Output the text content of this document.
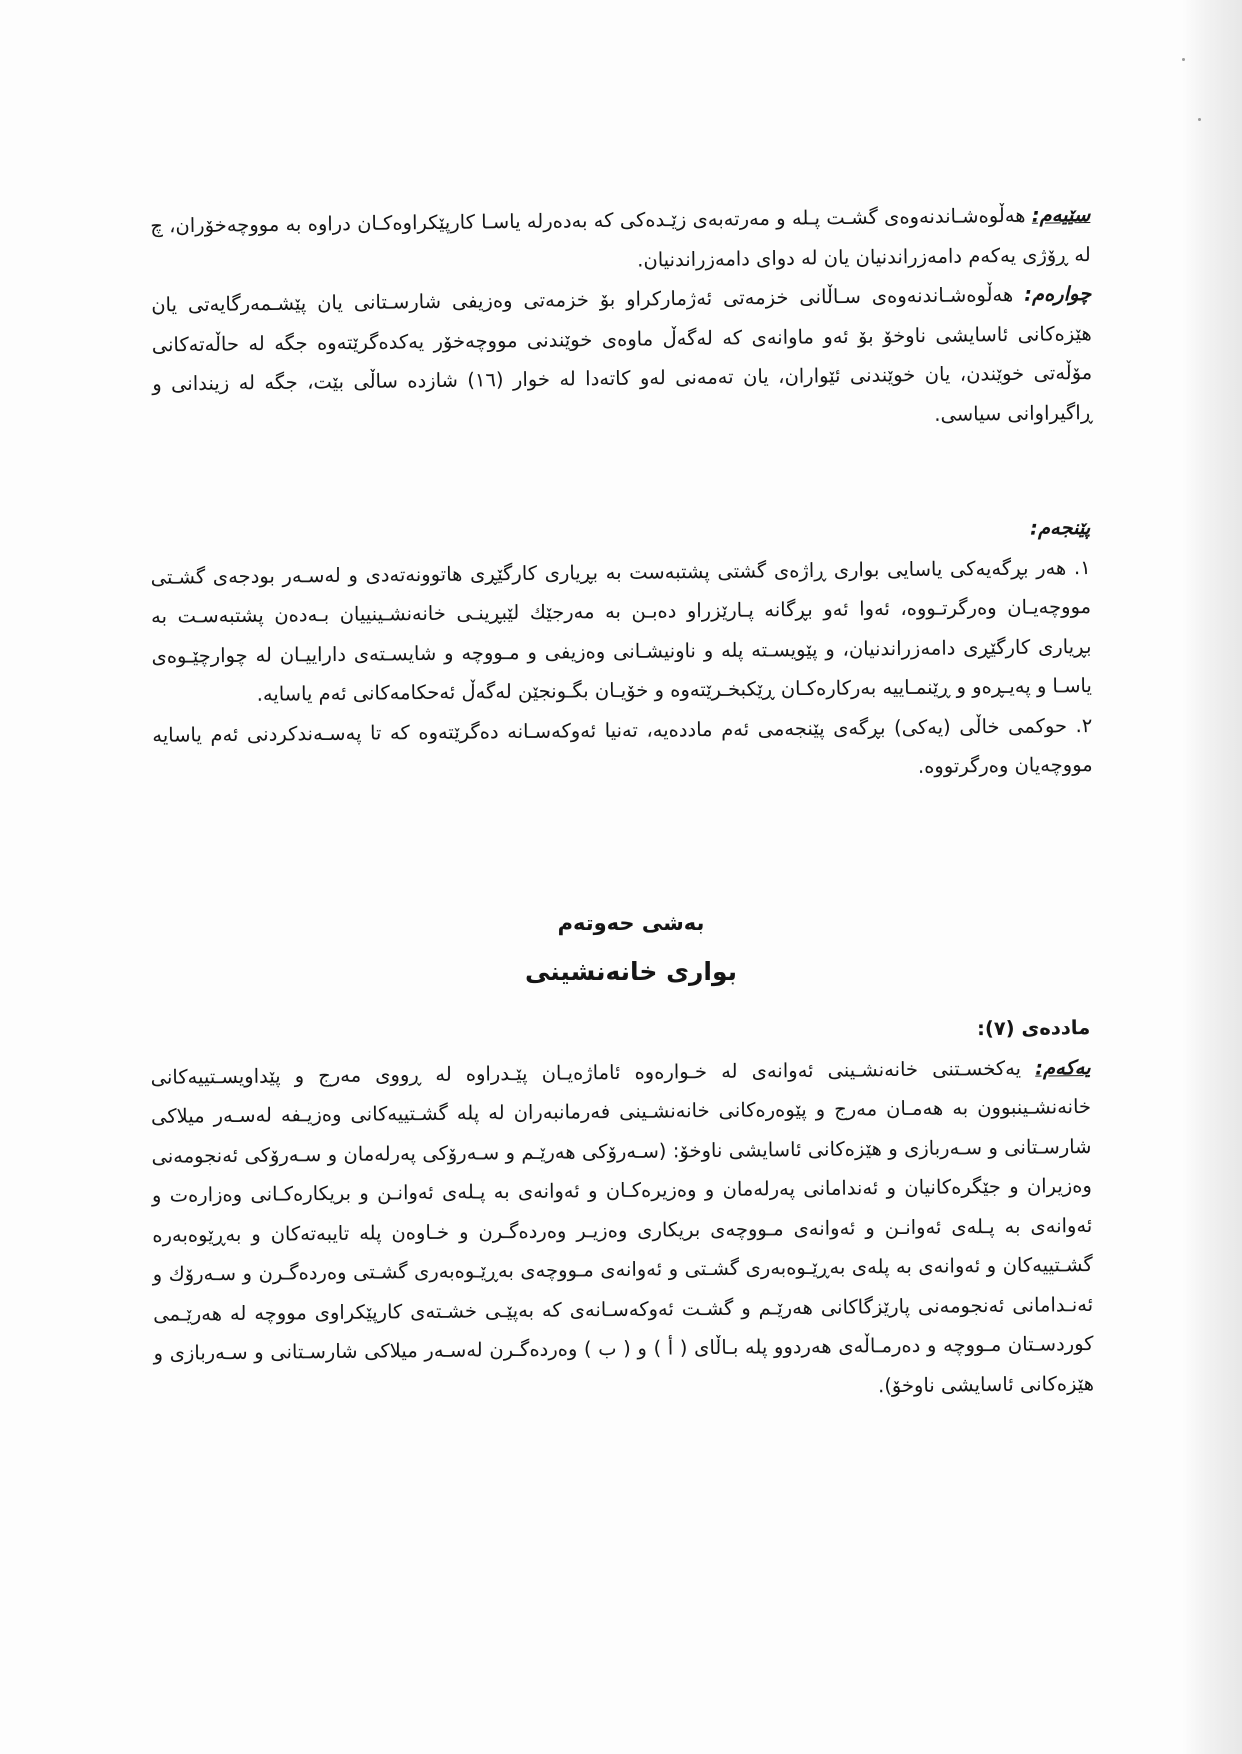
سێیەم: هەڵوەشـاندنەوەی گشـت پـلە و مەرتەبەی زێـدەکی کە بەدەرلە یاسـا کارپێکراوەکـان دراوە بە مووچەخۆران، چ لە ڕۆژی یەکەم دامەزراندنیان یان لە دوای دامەزراندنیان.

چوارەم: هەڵوەشـاندنەوەی سـاڵانی خزمەتی ئەژمارکراو بۆ خزمەتی وەزیفی شارسـتانی یان پێشـمەرگایەتی یان هێزەکانی ئاسایشی ناوخۆ بۆ ئەو ماوانەی کە لەگەڵ ماوەی خوێندنی مووچەخۆر یەکدەگرێتەوە جگە لە حاڵەتەکانی مۆڵەتی خوێندن، یان خوێندنی ئێواران، یان تەمەنی لەو کاتەدا لە خوار (١٦) شازدە ساڵی بێت، جگە لە زیندانی و ڕاگیراوانی سیاسی.

پێنجەم:

١. هەر بڕگەیەکی یاسایی بواری ڕاژەی گشتی پشتبەست بە بڕیاری کارگێڕی هاتوونەتەدی و لەسـەر بودجەی گشـتی مووچەیـان وەرگرتـووە، ئەوا ئەو بڕگانە پـارێزراو دەبـن بە مەرجێك لێبڕینـی خانەنشـینییان بـەدەن پشتبەسـت بە بڕیاری کارگێڕی دامەزراندنیان، و پێویسـتە پلە و ناونیشـانی وەزیفی و مـووچە و شایسـتەی داراییـان لە چوارچێـوەی یاسـا و پەیـڕەو و ڕێنمـاییە بەرکارەکـان ڕێکبخـرێتەوە و خۆیـان بگـونجێن لەگەڵ ئەحکامەکانی ئەم یاسایە.

٢. حوکمی خاڵی (یەکی) بڕگەی پێنجەمی ئەم ماددەیە، تەنیا ئەوکەسـانە دەگرێتەوە کە تا پەسـەندکردنی ئەم یاسایە مووچەیان وەرگرتووە.

بەشی حەوتەم
بواری خانەنشینی

ماددەی (٧):

یەکەم: یەکخسـتنی خانەنشـینی ئەوانەی لە خـوارەوە ئاماژەیـان پێـدراوە لە ڕووی مەرج و پێداویسـتییەکانی خانەنشـینبوون بە هەمـان مەرج و پێوەرەکانی خانەنشـینی فەرمانبەران لە پلە گشـتییەکانی وەزیـفە لەسـەر میلاکی شارسـتانی و سـەربازی و هێزەکانی ئاسایشی ناوخۆ: (سـەرۆکی هەرێـم و سـەرۆکی پەرلەمان و سـەرۆکی ئەنجومەنی وەزیران و جێگرەکانیان و ئەندامانی پەرلەمان و وەزیرەکـان و ئەوانەی بە پـلەی ئەوانـن و بریکارەکـانی وەزارەت و ئەوانەی بە پـلەی ئەوانـن و ئەوانەی مـووچەی بریکاری وەزیـر وەردەگـرن و خـاوەن پلە تایبەتەکان و بەڕێوەبەرە گشـتییەکان و ئەوانەی بە پلەی بەڕێـوەبەری گشـتی و ئەوانەی مـووچەی بەڕێـوەبەری گشـتی وەردەگـرن و سـەرۆك و ئەنـدامانی ئەنجومەنی پارێزگاکانی هەرێـم و گشـت ئەوکەسـانەی کە بەپێـی خشـتەی کارپێکراوی مووچە لە هەرێـمی کوردسـتان مـووچە و دەرمـاڵەی هەردوو پلە بـاڵای ( أ ) و ( ب ) وەردەگـرن لەسـەر میلاکی شارسـتانی و سـەربازی و هێزەکانی ئاسایشی ناوخۆ).
